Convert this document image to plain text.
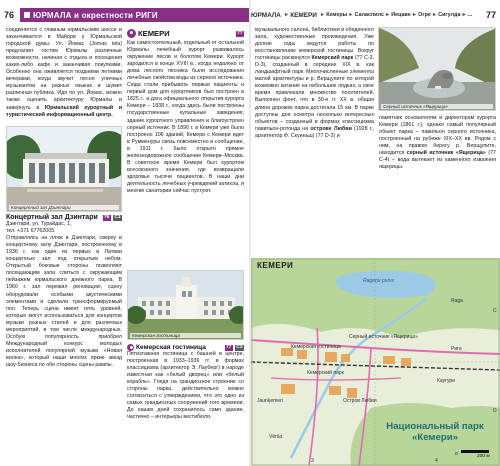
76 ЮРМАЛА и окрестности РИГИ

соединяется с главным юрмальским шоссе и заканчивается в Майори у Юрмальской городской думы. Ул. Йомас (Jomas iela) предлагает гостям Юрмалы различные возможности, начиная с отдыха и посещения каких-либо кафе и заканчивая покупками. Особенно она оживляется поздними летними вечерами, когда звучит песня уличных музыкантов на разных языках и шумит различная публика. Идя по ул. Йомас, можно также оценить архитектуру Юрмалы и завернуть в Юрмальский курортный и туристический информационный центр.

Концертный зал Дзинтари
Концертный зал Дзинтари	76	C3

Дзинтари, ул. Турайдас, 1,

тел. +371 67762005

Отправляясь на пляж в Дзинтари, сверху в концертному залу Дзинтари, построенному в 1936 г. как один из первых в Латвии концертных зал под открытым небом. Открытый боковые стороны позволяют посещающим зала слиться с окружающим пейзажем юрмальского дневного парка. В 1960 г. зал пережил реновацию, сцену оборудовали особыми акустическими элементами и сделали трансформируемый пол. Теперь сцена имеет пять уровней, которые могут использоваться для концертов музыки разных стилей и для различных мероприятий, в том числе международных. Особую популярность приобрел Международный конкурс молодых исполнителей популярной музыки «Новая волна», который наши многих яркие звезд шоу-бизнеса по обе стороны сцены рампы.

КЕМЕРИ	77

Как самостоятельный, отдельный от остальной Юрмалы лечебный курорт развивалось окружение лесов и болотом Кемери. Курорт зародился в конце XVIII в., когда недалеко от дома лесного лесника были исследования лечебные свойства воды из серного источника. Сюда стали прибывать первые пациенты и первый дом для курортников был построен в 1825 г., а дата официального открытия курорта Кемери – 1838 г., когда здесь были построены государственные купальные заведения, здание курортного управления и благоустроен серный источник. В 1890 г. в Кемери уже было построено 106 зданий, Кемери с Кемери идет в Румменуры связь повсеместно и сообщение, в 1911 г. было открыто прямое железнодорожное сообщение Кемери–Москва. В советское время Кемери был курортом всесоюзного значения, где возвращали здоровье тысячи пациентов. В наши дни деятельность лечебных учреждений затихла, и многие санатории сейчас пустуют.

Кемерская гостиница
Кемерская гостиница	77	C3

Пятиэтажная гостиница с башней в центре, построенная в 1933–1936 гг. в формах классицизма (архитектор Э. Лауберг) в народе известная как «белый дворец» или «белый корабль». Глядя на грандиозное строение со стороны парка, действительно можно согласиться с утверждением, что это одно из самых грандиозных сооружений того времени. До наших дней сохранилось само здание, частично – интерьеры вестибюля.

ЮРМАЛА ► КЕМЕРИ ► Кемеры ► Саласпилс ► Иецаве ► Огре ► Сигулда ► ... 77

музыкального салона, библиотеки и обеденного зала, художественные произведения. Уже долгие годы ведутся работы по восстановлению кемерской гостиницы. Вокруг гостиницы раскинулся Кемерский парк (77 C-3, D-3), созданный в середине XIX в. как ландшафтный парк. Многочисленные элементы малой архитектуры и р. Верщупите по которой возможно катание на небольших лодках, а свое время привлекали множество посетителей. Выполнен фонт, что в 30-е гг. XX в. общая длина дорожек парка достигала 15 км. В парке доступны для осмотра несколько интересных объектов – созданный в формах классицизма павильон-ротонда на острове Любви (1928 г., архитектор Ф. Скуиньш) (77 D-3) и

Серный источник «Ящерица»

памятник основателям и директорам курорта Кемери (1861 г.), однако самый популярный объект парка – павильон серного источника, построенный на рубеже XIX–XX вв. Рядом с ним, на правом берегу р. Верщупите, находится серный источник «Ящерица» (77 C-4) – вода вытекает из каменного изваяния ящерицы.

КЕМЕРИ
Ragaņu purvs
Кемерская гостиница
Серный источник «Ящерица»
Кемерский парк
Остров Любви
Рига
Jaunķemeri
Каугури
Vērša
Raga
Национальный парк «Кемери»
0	200 м
3	4
C
D
